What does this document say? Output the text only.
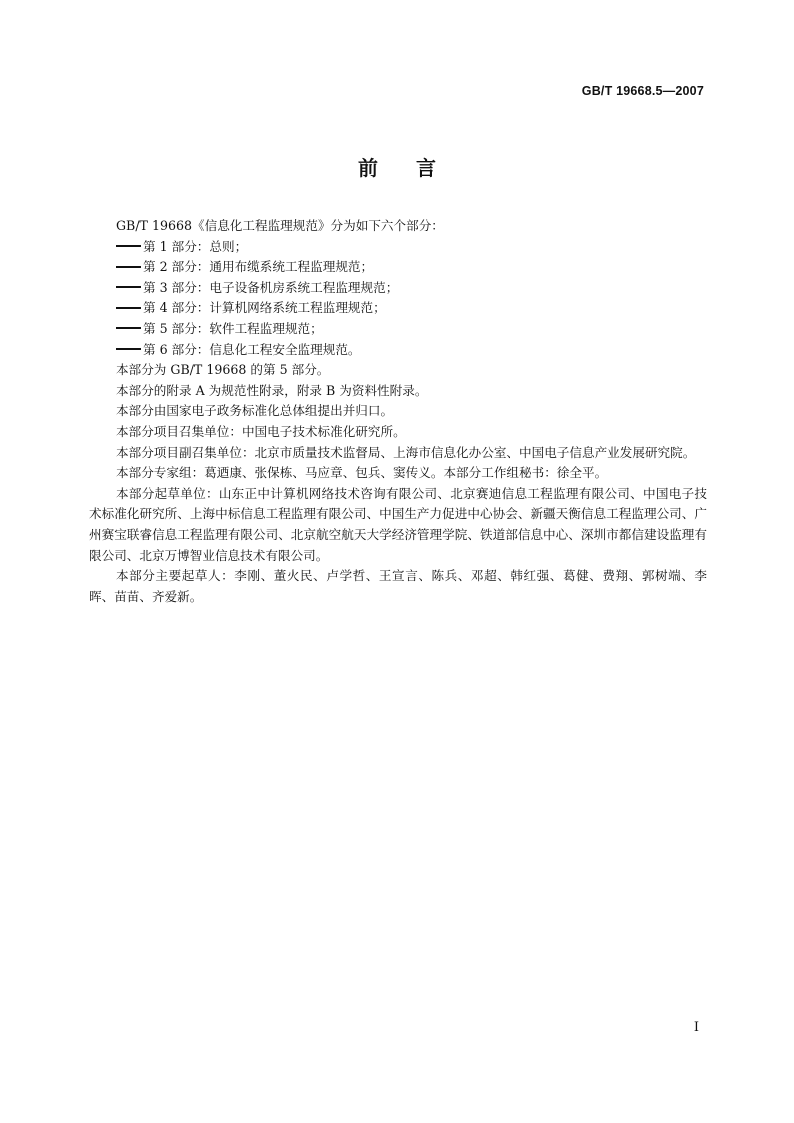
GB/T 19668.5—2007
前言

GB/T 19668《信息化工程监理规范》分为如下六个部分：

第 1 部分：总则；

第 2 部分：通用布缆系统工程监理规范；

第 3 部分：电子设备机房系统工程监理规范；

第 4 部分：计算机网络系统工程监理规范；

第 5 部分：软件工程监理规范；

第 6 部分：信息化工程安全监理规范。

本部分为 GB/T 19668 的第 5 部分。

本部分的附录 A 为规范性附录，附录 B 为资料性附录。

本部分由国家电子政务标准化总体组提出并归口。

本部分项目召集单位：中国电子技术标准化研究所。

本部分项目副召集单位：北京市质量技术监督局、上海市信息化办公室、中国电子信息产业发展研究院。

本部分专家组：葛迺康、张保栋、马应章、包兵、窦传义。本部分工作组秘书：徐全平。

本部分起草单位：山东正中计算机网络技术咨询有限公司、北京赛迪信息工程监理有限公司、中国电子技术标准化研究所、上海中标信息工程监理有限公司、中国生产力促进中心协会、新疆天衡信息工程监理公司、广州赛宝联睿信息工程监理有限公司、北京航空航天大学经济管理学院、铁道部信息中心、深圳市都信建设监理有限公司、北京万博智业信息技术有限公司。

本部分主要起草人：李刚、董火民、卢学哲、王宣言、陈兵、邓超、韩红强、葛健、费翔、郭树端、李晖、苗苗、齐爱新。

I
